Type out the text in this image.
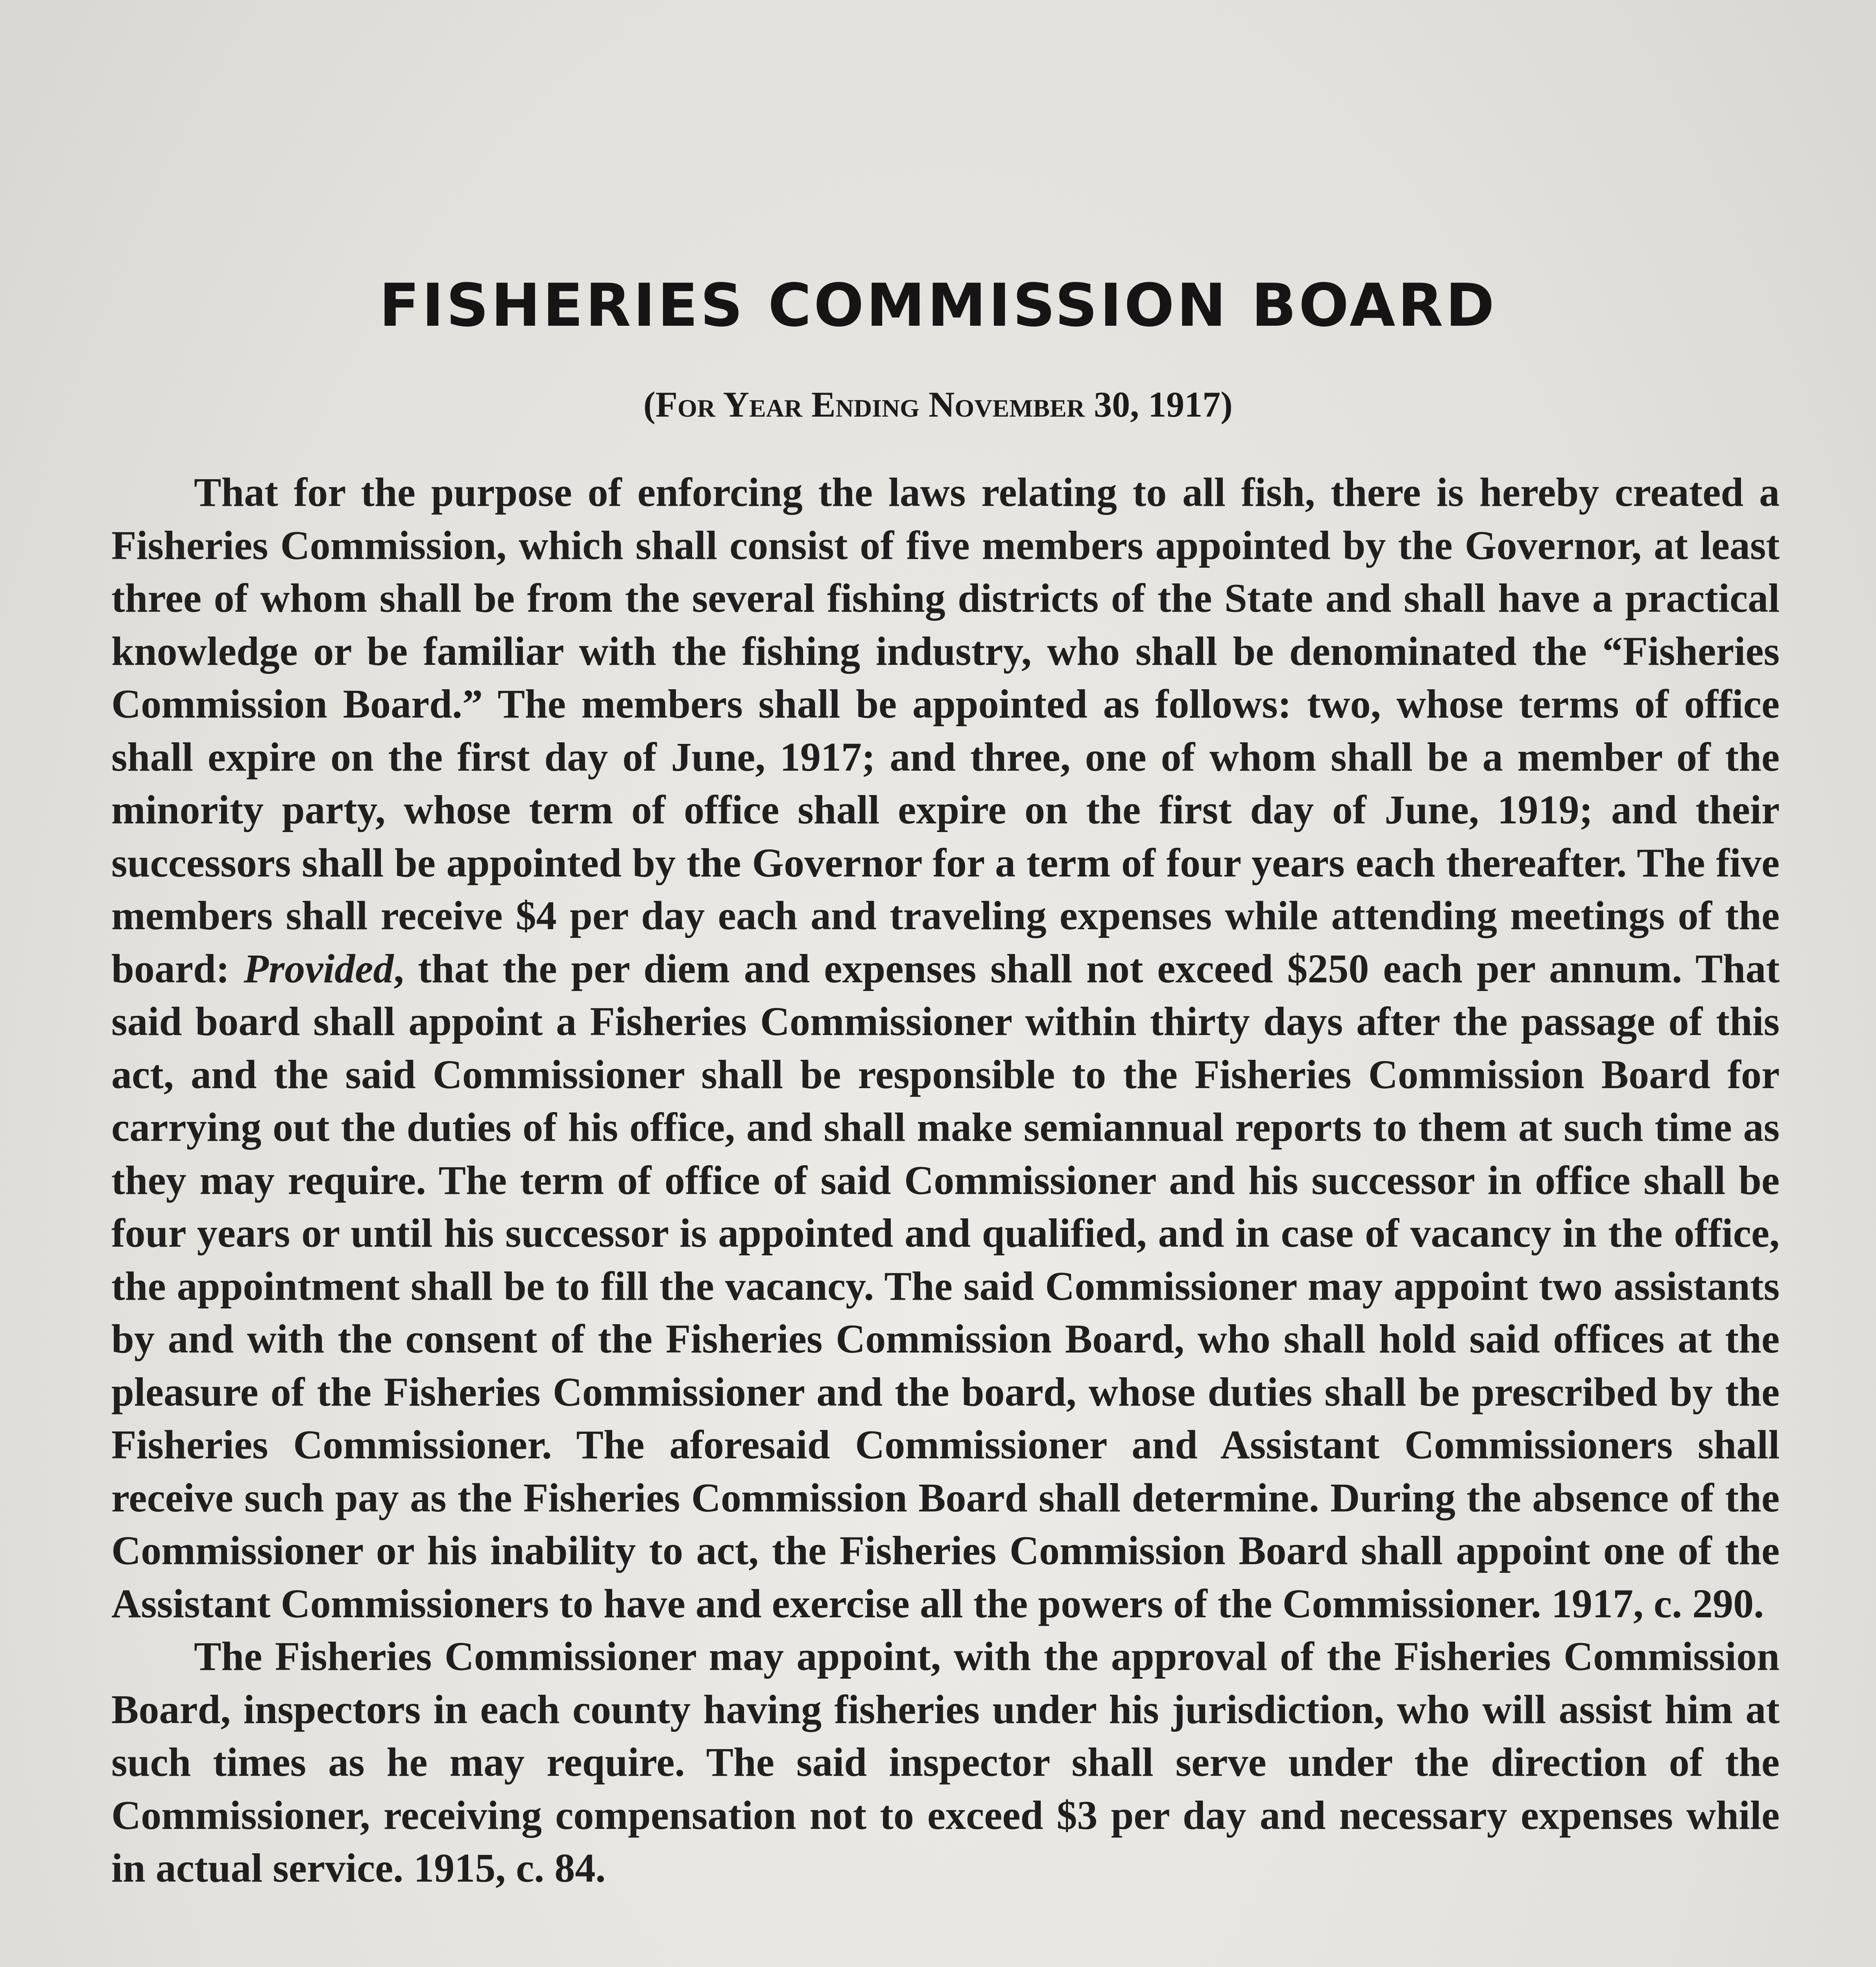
FISHERIES COMMISSION BOARD
(For Year Ending November 30, 1917)

That for the purpose of enforcing the laws relating to all fish, there is hereby created a Fisheries Commission, which shall consist of five members appointed by the Governor, at least three of whom shall be from the several fishing districts of the State and shall have a practical knowledge or be familiar with the fishing industry, who shall be denominated the “Fisheries Commission Board.” The members shall be appointed as follows: two, whose terms of office shall expire on the first day of June, 1917; and three, one of whom shall be a member of the minority party, whose term of office shall expire on the first day of June, 1919; and their successors shall be appointed by the Governor for a term of four years each thereafter. The five members shall receive $4 per day each and traveling expenses while attending meetings of the board: Provided, that the per diem and expenses shall not exceed $250 each per annum. That said board shall appoint a Fisheries Commissioner within thirty days after the passage of this act, and the said Commissioner shall be responsible to the Fisheries Commission Board for carrying out the duties of his office, and shall make semiannual reports to them at such time as they may require. The term of office of said Commissioner and his successor in office shall be four years or until his successor is appointed and qualified, and in case of vacancy in the office, the appointment shall be to fill the vacancy. The said Commissioner may appoint two assistants by and with the consent of the Fisheries Commission Board, who shall hold said offices at the pleasure of the Fisheries Commissioner and the board, whose duties shall be prescribed by the Fisheries Commissioner. The aforesaid Commissioner and Assistant Commissioners shall receive such pay as the Fisheries Commission Board shall determine. During the absence of the Commissioner or his inability to act, the Fisheries Commission Board shall appoint one of the Assistant Commissioners to have and exercise all the powers of the Commissioner. 1917, c. 290.

The Fisheries Commissioner may appoint, with the approval of the Fisheries Commission Board, inspectors in each county having fisheries under his jurisdiction, who will assist him at such times as he may require. The said inspector shall serve under the direction of the Commissioner, receiving compensation not to exceed $3 per day and necessary expenses while in actual service. 1915, c. 84.
